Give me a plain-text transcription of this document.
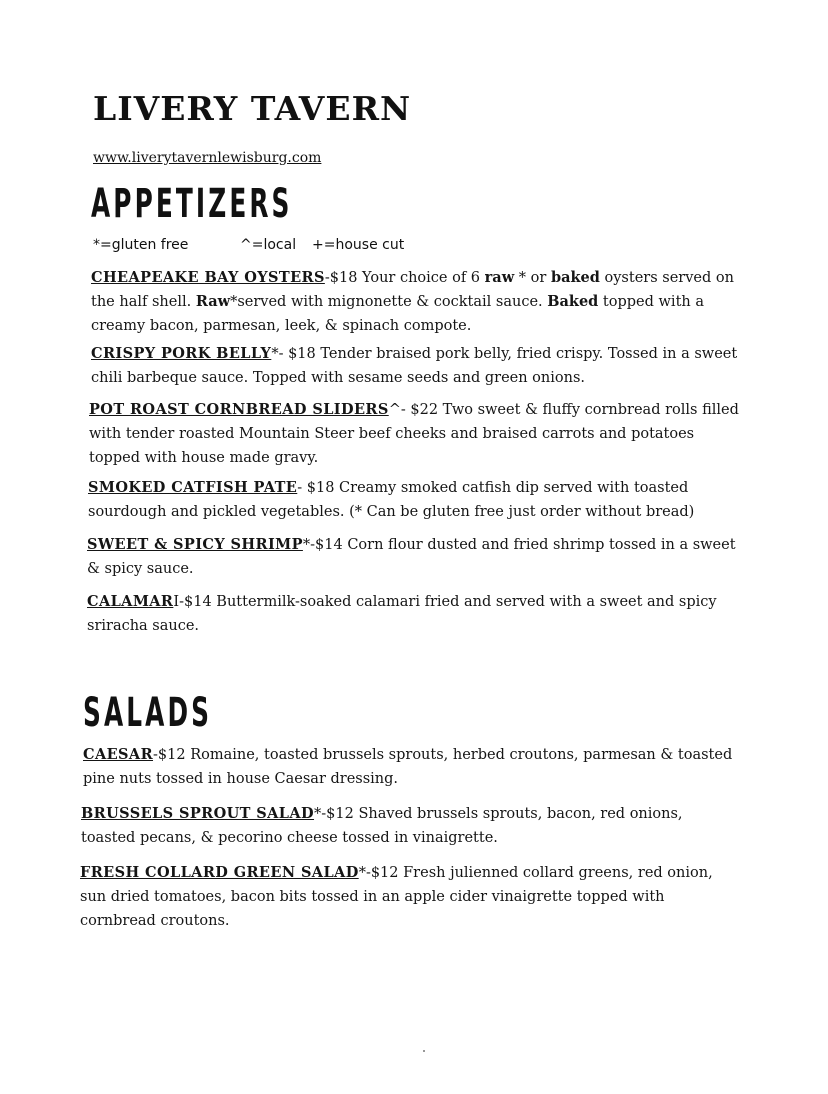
LIVERY TAVERN
www.liverytavernlewisburg.com
APPETIZERS
*=gluten free	^=local	+=house cut

CHEAPEAKE BAY OYSTERS-$18 Your choice of 6 raw * or baked oysters served on the half shell. Raw*served with mignonette & cocktail sauce. Baked topped with a creamy bacon, parmesan, leek, & spinach compote.

CRISPY PORK BELLY*- $18 Tender braised pork belly, fried crispy. Tossed in a sweet chili barbeque sauce. Topped with sesame seeds and green onions.

POT ROAST CORNBREAD SLIDERS^- $22 Two sweet & fluffy cornbread rolls filled with tender roasted Mountain Steer beef cheeks and braised carrots and potatoes topped with house made gravy.

SMOKED CATFISH PATE- $18 Creamy smoked catfish dip served with toasted sourdough and pickled vegetables. (* Can be gluten free just order without bread)

SWEET & SPICY SHRIMP*-$14 Corn flour dusted and fried shrimp tossed in a sweet & spicy sauce.

CALAMARI-$14 Buttermilk-soaked calamari fried and served with a sweet and spicy sriracha sauce.

SALADS

CAESAR-$12 Romaine, toasted brussels sprouts, herbed croutons, parmesan & toasted pine nuts tossed in house Caesar dressing.

BRUSSELS SPROUT SALAD*-$12 Shaved brussels sprouts, bacon, red onions, toasted pecans, & pecorino cheese tossed in vinaigrette.

FRESH COLLARD GREEN SALAD*-$12 Fresh julienned collard greens, red onion, sun dried tomatoes, bacon bits tossed in an apple cider vinaigrette topped with cornbread croutons.
